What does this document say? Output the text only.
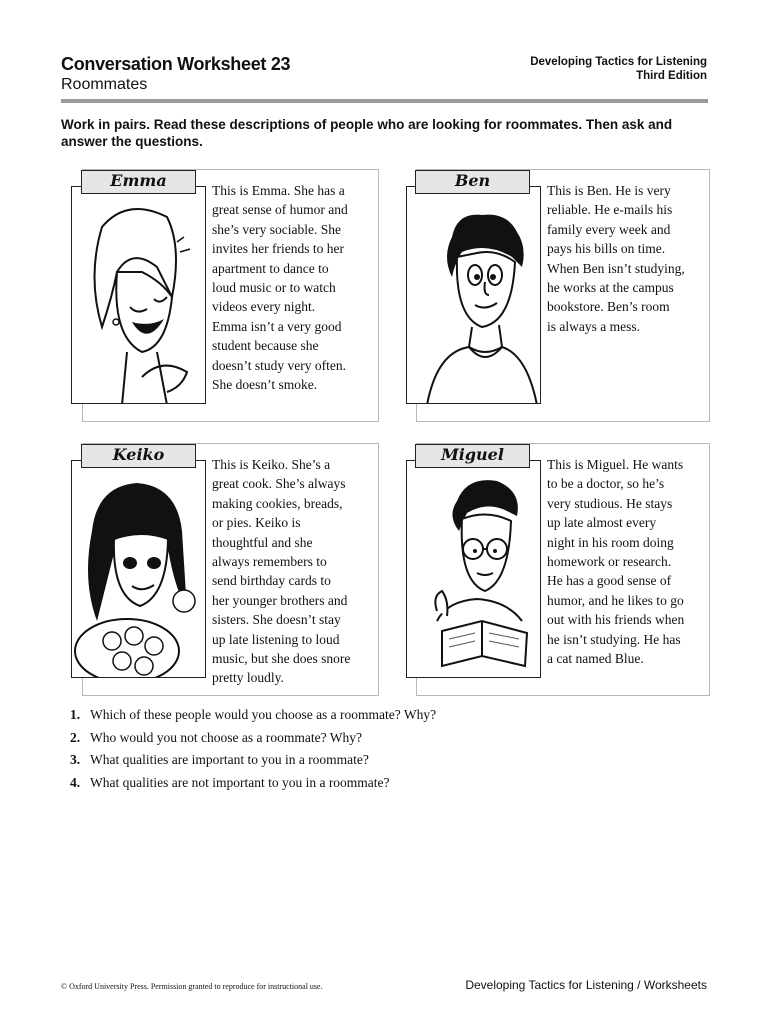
Conversation Worksheet 23
Roommates
Developing Tactics for Listening
Third Edition
Work in pairs. Read these descriptions of people who are looking for roommates. Then ask and answer the questions.
Emma
This is Emma. She has a
great sense of humor and
she’s very sociable. She
invites her friends to her
apartment to dance to
loud music or to watch
videos every night.
Emma isn’t a very good
student because she
doesn’t study very often.
She doesn’t smoke.
Ben
This is Ben. He is very
reliable. He e-mails his
family every week and
pays his bills on time.
When Ben isn’t studying,
he works at the campus
bookstore. Ben’s room
is always a mess.
Keiko
This is Keiko. She’s a
great cook. She’s always
making cookies, breads,
or pies. Keiko is
thoughtful and she
always remembers to
send birthday cards to
her younger brothers and
sisters. She doesn’t stay
up late listening to loud
music, but she does snore
pretty loudly.
Miguel
This is Miguel. He wants
to be a doctor, so he’s
very studious. He stays
up late almost every
night in his room doing
homework or research.
He has a good sense of
humor, and he likes to go
out with his friends when
he isn’t studying. He has
a cat named Blue.
1. Which of these people would you choose as a roommate? Why?
2. Who would you not choose as a roommate? Why?
3. What qualities are important to you in a roommate?
4. What qualities are not important to you in a roommate?
© Oxford University Press. Permission granted to reproduce for instructional use.	Developing Tactics for Listening / Worksheets
